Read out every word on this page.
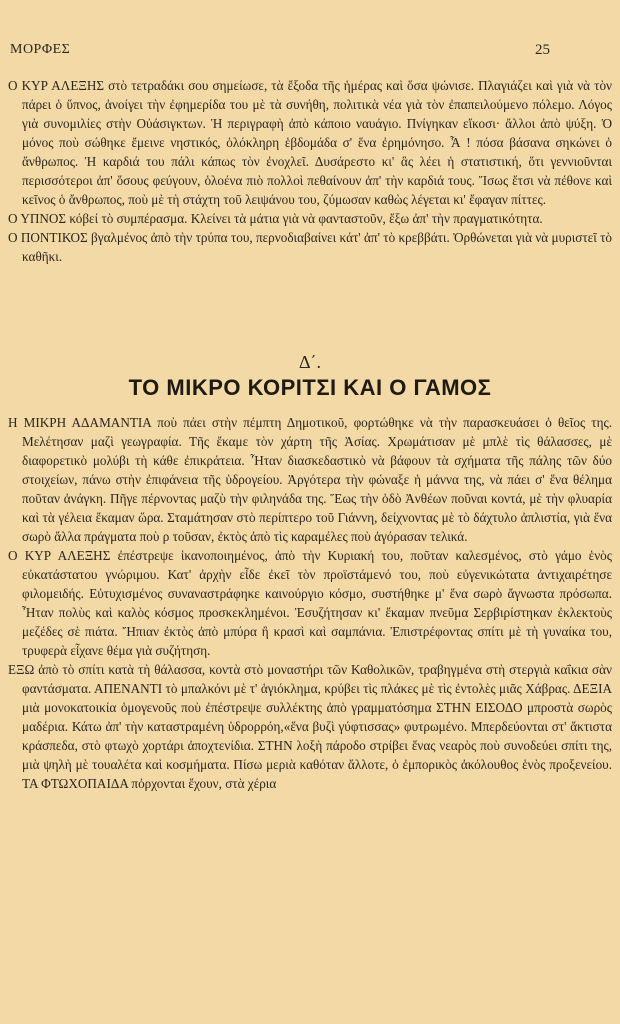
ΜΟΡΦΕΣ	25

Ο ΚΥΡ ΑΛΕΞΗΣ στὸ τετραδάκι σου σημείωσε, τὰ ἔξοδα τῆς ἡμέρας καὶ ὅσα ψώνισε. Πλαγιάζει καὶ γιὰ νὰ τὸν πάρει ὁ ὕπνος, ἀνοίγει τὴν ἐφημερίδα του μὲ τὰ συνήθη, πολιτικὰ νέα γιὰ τὸν ἐπαπειλούμενο πόλεμο. Λόγος γιὰ συνομιλίες στὴν Οὐάσιγκτων. Ἡ περιγραφὴ ἀπὸ κάποιο ναυάγιο. Πνίγηκαν εἴκοσι· ἄλλοι ἀπὸ ψύξη. Ὁ μόνος ποὺ σώθηκε ἔμεινε νηστικός, ὁλόκληρη ἑβδομάδα σ' ἕνα ἐρημόνησο. Ἆ ! πόσα βάσανα σηκώνει ὁ ἄνθρωπος. Ἡ καρδιά του πάλι κάπως τὸν ἐνοχλεῖ. Δυσάρεστο κι' ἂς λέει ἡ στατιστική, ὅτι γεννιοῦνται περισσότεροι ἀπ' ὅσους φεύγουν, ὁλοένα πιὸ πολλοὶ πεθαίνουν ἀπ' τὴν καρδιά τους. Ἴσως ἔτσι νὰ πέθονε καὶ κεῖνος ὁ ἄνθρωπος, ποὺ μὲ τὴ στάχτη τοῦ λειψάνου του, ζύμωσαν καθὼς λέγεται κι' ἔφαγαν πίττες.

Ο ΥΠΝΟΣ κόβεί τὸ συμπέρασμα. Κλείνει τὰ μάτια γιὰ νὰ φανταστοῦν, ἔξω ἀπ' τὴν πραγματικότητα.

Ο ΠΟΝΤΙΚΟΣ βγαλμένος ἀπὸ τὴν τρύπα του, περνοδιαβαίνει κάτ' ἀπ' τὸ κρεββάτι. Ὀρθώνεται γιὰ νὰ μυριστεῖ τὸ καθῆκι.

Δ΄.
ΤΟ ΜΙΚΡΟ ΚΟΡΙΤΣΙ ΚΑΙ Ο ΓΑΜΟΣ

Η ΜΙΚΡΗ ΑΔΑΜΑΝΤΙΑ ποὺ πάει στὴν πέμπτη Δημοτικοῦ, φορτώθηκε νὰ τὴν παρασκευάσει ὁ θεῖος της. Μελέτησαν μαζὶ γεωγραφία. Τῆς ἔκαμε τὸν χάρτη τῆς Ἀσίας. Χρωμάτισαν μὲ μπλὲ τὶς θάλασσες, μὲ διαφορετικὸ μολύβι τὴ κάθε ἐπικράτεια. Ἦταν διασκεδαστικὸ νὰ βάφουν τὰ σχήματα τῆς πάλης τῶν δύο στοιχείων, πάνω στὴν ἐπιφάνεια τῆς ὑδρογείου. Ἀργότερα τὴν φώναξε ἡ μάννα της, νὰ πάει σ' ἕνα θέλημα ποῦταν ἀνάγκη. Πῆγε πέρνοντας μαζὺ τὴν φιληνάδα της. Ἕως τὴν ὁδὸ Ἀνθέων ποῦναι κοντά, μὲ τὴν φλυαρία καὶ τὰ γέλεια ἔκαμαν ὥρα. Σταμάτησαν στὸ περίπτερο τοῦ Γιάννη, δείχνοντας μὲ τὸ δάχτυλο ἀπλιστία, γιὰ ἕνα σωρὸ ἄλλα πράγματα ποὺ ρ τοῦσαν, ἐκτὸς ἀπὸ τὶς καραμέλες ποὺ ἀγόρασαν τελικά.

Ο ΚΥΡ ΑΛΕΞΗΣ ἐπέστρεψε ἱκανοποιημένος, ἀπὸ τὴν Κυριακή του, ποῦταν καλεσμένος, στὸ γάμο ἑνὸς εὐκατάστατου γνώριμου. Κατ' ἀρχὴν εἶδε ἐκεῖ τὸν προϊστάμενό του, ποὺ εὐγενικώτατα ἀντιχαιρέτησε φιλομειδής. Εὐτυχισμένος συναναστράφηκε καινούργιο κόσμο, συστήθηκε μ' ἕνα σωρὸ ἄγνωστα πρόσωπα. Ἦταν πολὺς καὶ καλὸς κόσμος προσκεκλημένοι. Ἐσυζήτησαν κι' ἔκαμαν πνεῦμα Σερβιρίστηκαν ἐκλεκτοὺς μεζέδες σὲ πιάτα. Ἤπιαν ἐκτὸς ἀπὸ μπύρα ἢ κρασὶ καὶ σαμπάνια. Ἐπιστρέφοντας σπίτι μὲ τὴ γυναίκα του, τρυφερὰ εἶχανε θέμα γιὰ συζήτηση.

ΕΞΩ ἀπὸ τὸ σπίτι κατὰ τὴ θάλασσα, κοντὰ στὸ μοναστήρι τῶν Καθολικῶν, τραβηγμένα στὴ στεργιὰ καΐκια σὰν φαντάσματα. ΑΠΕΝΑΝΤΙ τὸ μπαλκόνι μὲ τ' ἁγιόκλημα, κρύβει τὶς πλάκες μὲ τὶς ἐντολὲς μιᾶς Χάβρας. ΔΕΞΙΑ μιὰ μονοκατοικία ὁμογενοῦς ποὺ ἐπέστρεψε συλλέκτης ἀπὸ γραμματόσημα ΣΤΗΝ ΕΙΣΟΔΟ μπροστὰ σωρὸς μαδέρια. Κάτω ἀπ' τὴν καταστραμένη ὑδρορρόη,«ἕνα βυζὶ γύφτισσας» φυτρωμένο. Μπερδεύονται στ' ἄκτιστα κράσπεδα, στὸ φτωχὸ χορτάρι ἀποχτενίδια. ΣΤΗΝ λοξὴ πάροδο στρίβει ἕνας νεαρὸς ποὺ συνοδεύει σπίτι της, μιὰ ψηλὴ μὲ τουαλέτα καὶ κοσμήματα. Πίσω μεριὰ καθόταν ἄλλοτε, ὁ ἐμπορικὸς ἀκόλουθος ἑνὸς προξενείου. ΤΑ ΦΤΩΧΟΠΑΙΔΑ πὀρχονται ἔχουν, στὰ χέρια
